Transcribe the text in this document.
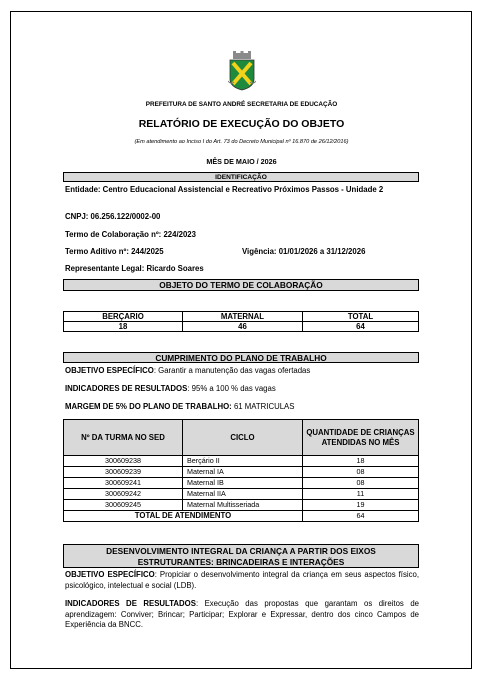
PREFEITURA DE SANTO ANDRÉ SECRETARIA DE EDUCAÇÃO
RELATÓRIO DE EXECUÇÃO DO OBJETO
(Em atendimento ao Inciso I do Art. 73 do Decreto Municipal nº 16.870 de 26/12/2016)
MÊS DE MAIO / 2026
IDENTIFICAÇÃO
Entidade: Centro Educacional Assistencial e Recreativo Próximos Passos - Unidade 2
CNPJ: 06.256.122/0002-00
Termo de Colaboração nº: 224/2023
Termo Aditivo nº: 244/2025	Vigência: 01/01/2026 a 31/12/2026
Representante Legal: Ricardo Soares
OBJETO DO TERMO DE COLABORAÇÃO
BERÇARIO	MATERNAL	TOTAL
18	46	64
CUMPRIMENTO DO PLANO DE TRABALHO
OBJETIVO ESPECÍFICO: Garantir a manutenção das vagas ofertadas
INDICADORES DE RESULTADOS: 95% a 100 % das vagas
MARGEM DE 5% DO PLANO DE TRABALHO: 61 MATRICULAS
Nº DA TURMA NO SED	CICLO	QUANTIDADE DE CRIANÇAS ATENDIDAS NO MÊS
300609238	Berçário II	18
300609239	Maternal IA	08
300609241	Maternal IB	08
300609242	Maternal IIA	11
300609245	Maternal Multisseriada	19
TOTAL DE ATENDIMENTO		64
DESENVOLVIMENTO INTEGRAL DA CRIANÇA A PARTIR DOS EIXOS
ESTRUTURANTES: BRINCADEIRAS E INTERAÇÕES
OBJETIVO ESPECÍFICO: Propiciar o desenvolvimento integral da criança em seus aspectos físico, psicológico, intelectual e social (LDB).
INDICADORES DE RESULTADOS: Execução das propostas que garantam os direitos de aprendizagem: Conviver; Brincar; Participar; Explorar e Expressar, dentro dos cinco Campos de Experiência da BNCC.
